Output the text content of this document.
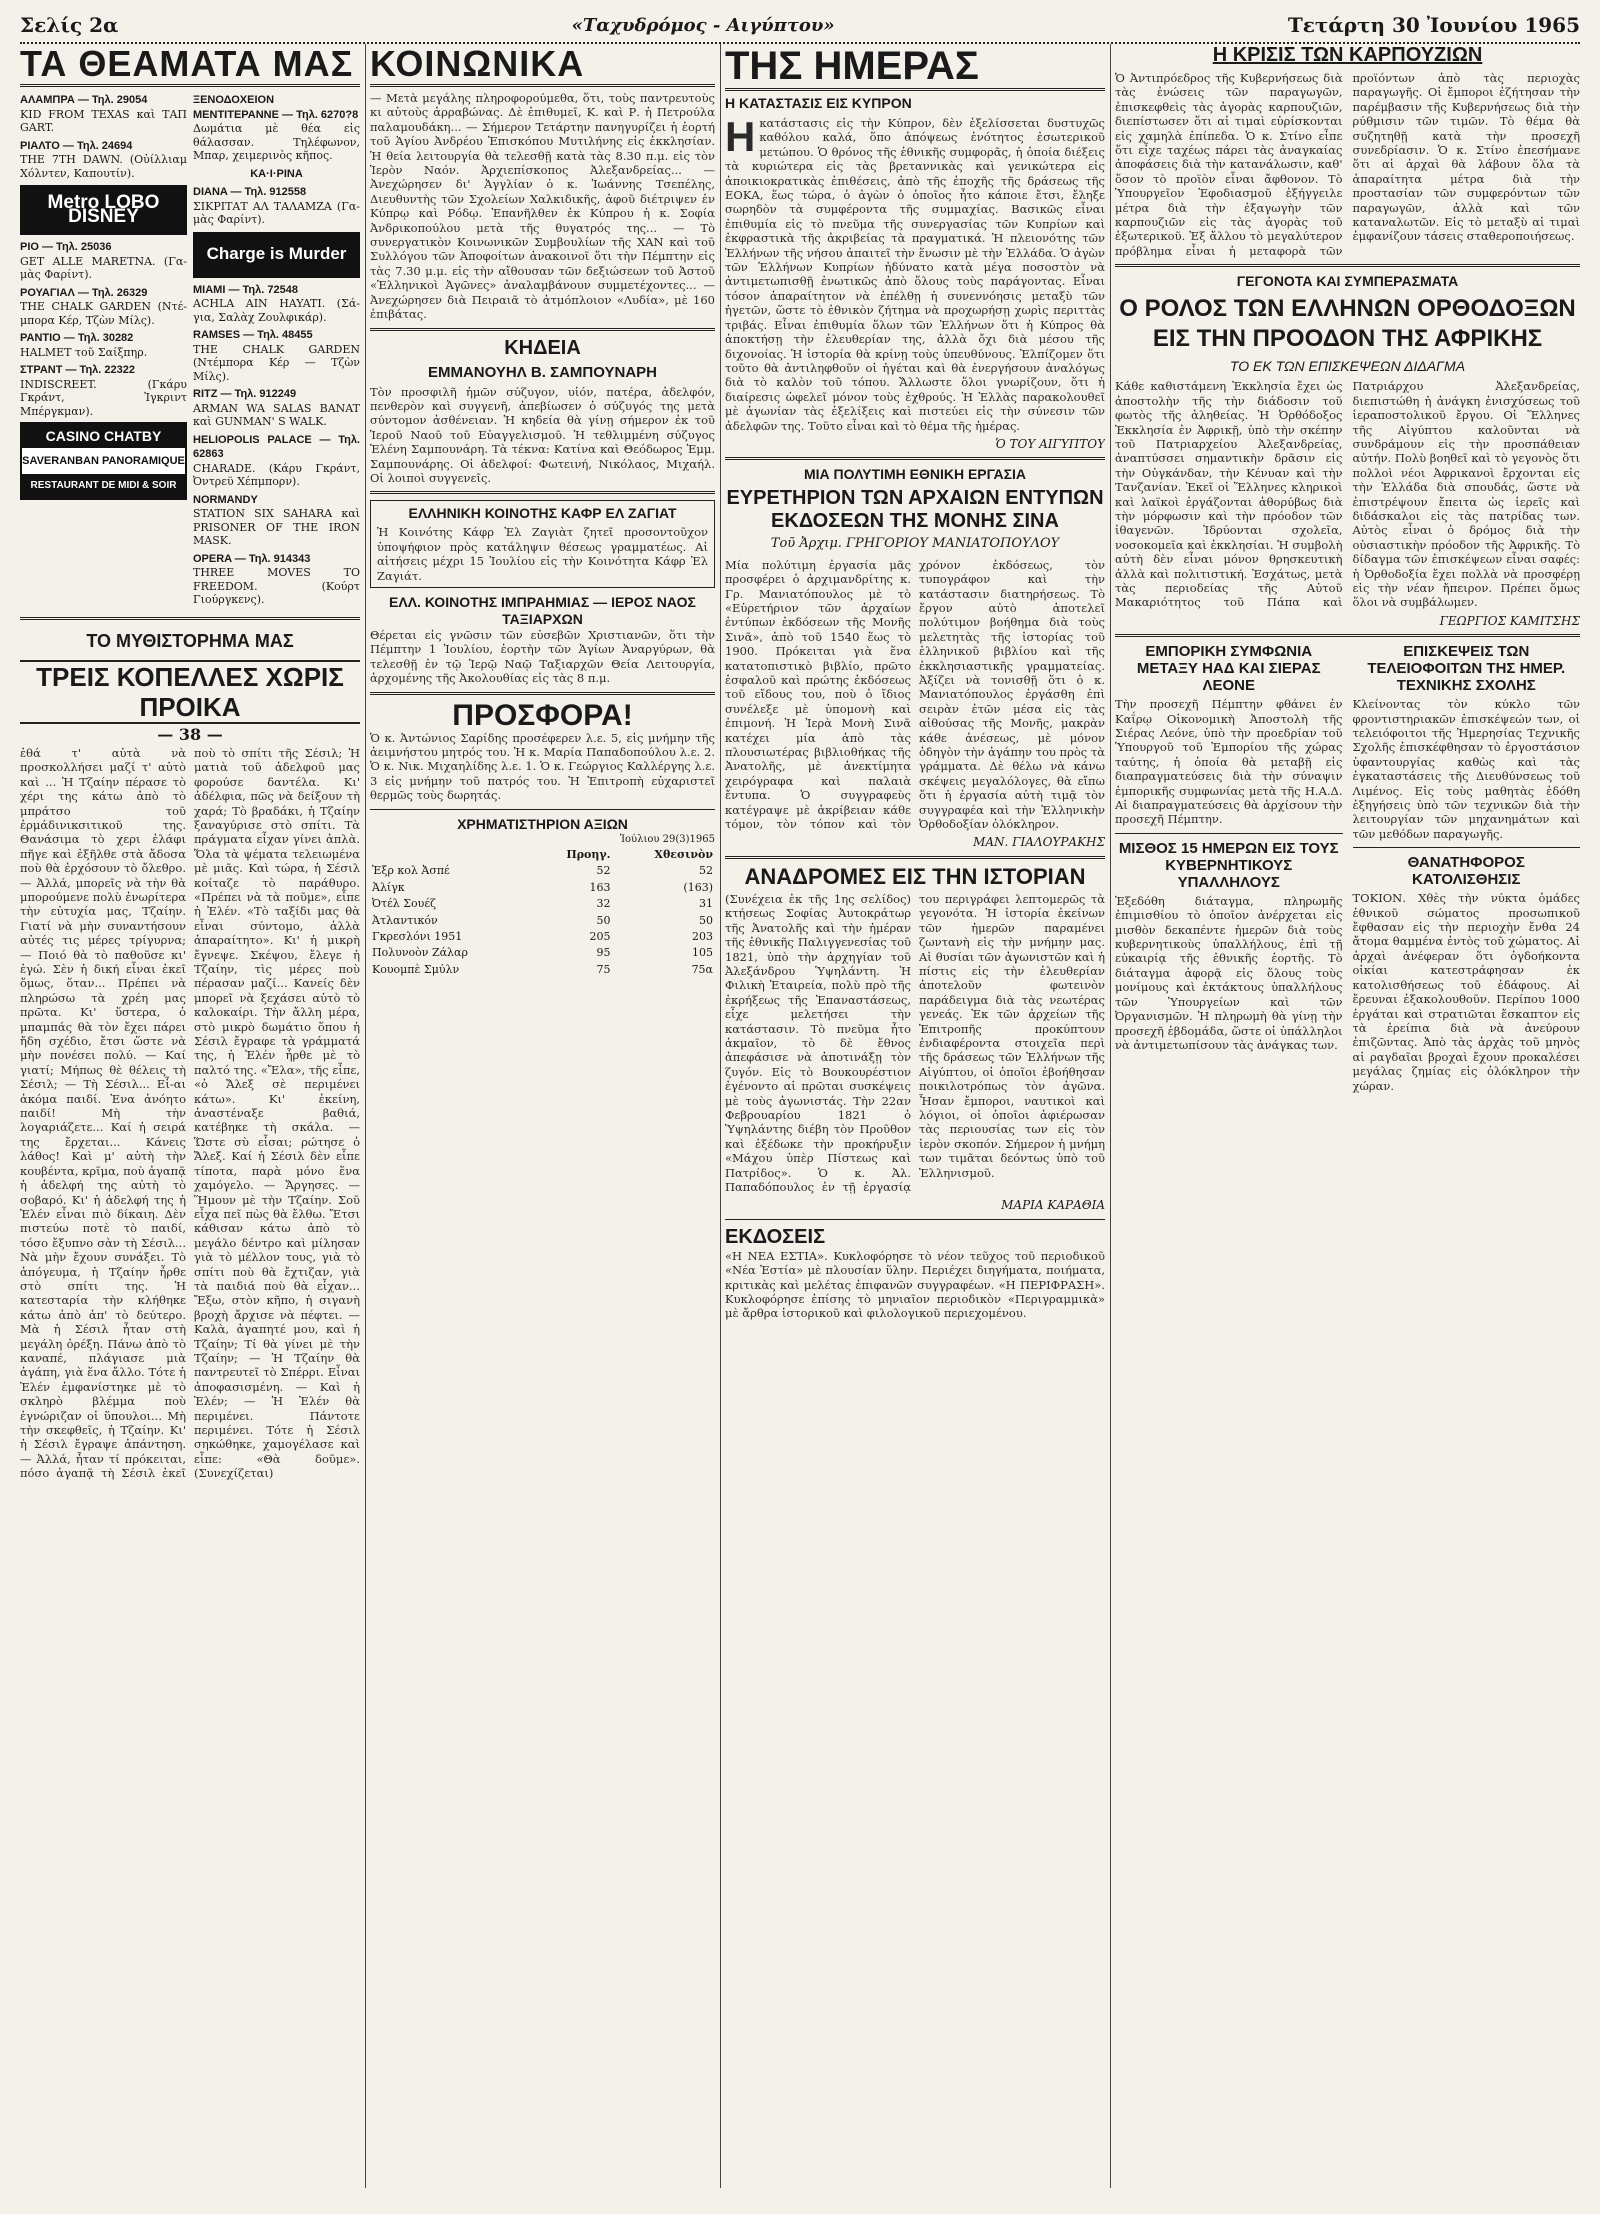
Σελίς 2α	«Ταχυδρόμος - Αιγύπτου»	Τετάρτη 30 Ἰουνίου 1965
ΤΑ ΘΕΑΜΑΤΑ ΜΑΣ
ΑΛΑΜΠΡΑ — Τηλ. 29054
KID FROM TEXAS καὶ ΤΑΠ GART.
ΡΙΑΛΤΟ — Τηλ. 24694
THE 7TH DAWN. (Οὐίλλιαμ Χόλντεν, Καπουτίν).
Metro LOBO DISNEY
ΡΙΟ — Τηλ. 25036
GET ALLE MARETNA. (Γα- μὰς Φαρίντ).
ΡΟΥΑΓΙΑΛ — Τηλ. 26329
THE CHALK GARDEN (Ντέ- μπορα Κέρ, Τζὼν Μίλς).
ΡΑΝΤΙΟ — Τηλ. 30282
HALMET τοῦ Σαίξπηρ.
ΣΤΡΑΝΤ — Τηλ. 22322
INDISCREET. (Γκάρυ Γκράντ, Ἰγκριντ Μπέργκμαν).
CASINO CHATBY
SAVERANBAN PANORAMIQUE
RESTAURANT DE MIDI & SOIR
ΞΕΝΟΔΟΧΕΙΟΝ ΜΕΝΤΙΤΕΡΑΝΝΕ — Τηλ. 6270?8
Δωμάτια μὲ θέα εἰς θάλασσαν. Τηλέφωνον, Μπαρ, χειμερινὸς κῆπος.
ΚΑ·Ι·ΡΙΝΑ
DIANA — Τηλ. 912558
ΣΙΚΡΙΤΑΤ ΑΛ ΤΑΛΑΜΖΑ (Γα- μὰς Φαρίντ).
Charge is Murder
MIAMI — Τηλ. 72548
ACHLA AIN HAYATI. (Σά- για, Σαλὰχ Ζουλφικάρ).
RAMSES — Τηλ. 48455
THE CHALK GARDEN (Ντέμπορα Κέρ — Τζὼν Μίλς).
RITZ — Τηλ. 912249
ARMAN WA SALAS BANAT καὶ GUNMAN' S WALK.
HELIOPOLIS PALACE — Τηλ. 62863
CHARADE. (Κάρυ Γκράντ, Ὀντρεϋ Χέπμπορν).
NORMANDY
STATION SIX SAHARA καὶ PRISONER OF THE IRON MASK.
OPERA — Τηλ. 914343
THREE MOVES TO FREEDOM. (Κούρτ Γιούργκενς).
ΤΟ ΜΥΘΙΣΤΟΡΗΜΑ ΜΑΣ
ΤΡΕΙΣ ΚΟΠΕΛΛΕΣ ΧΩΡΙΣ ΠΡΟΙΚΑ
— 38 —
ἐθά τ' αὐτὰ νὰ προσκολλήσει μαζί τ' αὐτὸ καὶ ... Ἡ Τζαίην πέρασε τὸ χέρι της κάτω ἀπὸ τὸ μπράτσο τοῦ ἐρμάδινικσιτικοῦ της. Θανάσιμα τὸ χερι ἐλάφι πῆγε καὶ ἐξῆλθε στὰ ἄδοσα ποὺ θὰ ἐρχόσουν τὸ ὄλεθρο. — Ἀλλά, μπορεῖς νὰ τὴν θὰ μπορούμενε πολὺ ἐνωρίτερα τὴν εὐτυχία μας, Τζαίην. Γιατί νὰ μὴν συναντήσουν αὐτές τις μέρες τρίγυρνα; — Ποιό θὰ τὸ παθοῦσε κι' ἐγώ. Σὲν ἡ δική εἶναι ἐκεῖ ὅμως, ὅταν... Πρέπει νὰ πληρώσω τὰ χρέη μας πρῶτα. Κι' ὕστερα, ὁ μπαμπάς θὰ τὸν ἔχει πάρει ἤδη σχέδιο, ἔτσι ὥστε νὰ μὴν πονέσει πολύ. — Καί γιατί; Μήπως θὲ θέλεις τὴ Σέσιλ; — Τὴ Σέσιλ... Εἶ-αι ἀκόμα παιδί. Ἐνα ἀνόητο παιδί! Μὴ τὴν λογαριάζετε... Καί ἡ σειρά της ἔρχεται... Κάνεις λάθος! Καὶ μ' αὐτὴ τὴν κουβέντα, κρῖμα, ποὺ ἀγαπᾷ ἡ ἀδελφή της αὐτὴ τὸ σοβαρό. Κι' ἡ ἀδελφή της ἡ Ἐλέν εἶναι πιὸ δίκαιη. Δὲν πιστεύω ποτὲ τὸ παιδί, τόσο ἔξυπνο σὰν τὴ Σέσιλ... Νὰ μὴν ἔχουν συνάξει. Τὸ ἀπόγευμα, ἡ Τζαίην ἦρθε στὸ σπίτι της. Ἡ κατεσταρία τὴν κλήθηκε κάτω ἀπὸ ἀπ' τὸ δεύτερο. Μὰ ἡ Σέσιλ ἦταν στὴ μεγάλη ὀρέξη. Πάνω ἀπὸ τὸ καναπέ, πλάγιασε μιὰ ἀγάπη, γιὰ ἕνα ἄλλο. Τότε ἡ Ἐλέν ἐμφανίστηκε μὲ τὸ σκληρὸ βλέμμα ποὺ ἐγνώριζαν οἱ ὕπουλοι... Μὴ τὴν σκεφθεῖς, ἡ Τζαίην. Κι' ἡ Σέσιλ ἔγραψε ἀπάντηση. — Ἀλλά, ἦταν τί πρόκειται, πόσο ἀγαπᾷ τὴ Σέσιλ ἐκεῖ ποὺ τὸ σπίτι τῆς Σέσιλ; Ἡ ματιὰ τοῦ ἀδελφοῦ μας φορούσε δαντέλα. Κι' ἀδέλφια, πῶς νὰ δείξουν τὴ χαρά; Τὸ βραδάκι, ἡ Τζαίην ξαναγύρισε στὸ σπίτι. Τὰ πράγματα εἶχαν γίνει ἀπλὰ. Ὅλα τὰ ψέματα τελειωμένα μὲ μιᾶς. Καὶ τώρα, ἡ Σέσιλ κοίταζε τὸ παράθυρο. «Πρέπει νὰ τὰ ποῦμε», εἶπε ἡ Ἐλέν. «Τὸ ταξίδι μας θὰ εἶναι σύντομο, ἀλλὰ ἀπαραίτητο». Κι' ἡ μικρὴ ἔγνεψε. Σκέψου, ἔλεγε ἡ Τζαίην, τὶς μέρες ποὺ πέρασαν μαζί... Κανείς δὲν μπορεῖ νὰ ξεχάσει αὐτὸ τὸ καλοκαίρι. Τὴν ἄλλη μέρα, στὸ μικρὸ δωμάτιο ὅπου ἡ Σέσιλ ἔγραφε τὰ γράμματά της, ἡ Ἐλέν ἦρθε μὲ τὸ παλτό της. «Ἔλα», τῆς εἶπε, «ὁ Ἄλεξ σὲ περιμένει κάτω». Κι' ἐκείνη, ἀναστέναξε βαθιά, κατέβηκε τὴ σκάλα. — Ὥστε σὺ εἶσαι; ρώτησε ὁ Ἄλεξ. Καί ἡ Σέσιλ δὲν εἶπε τίποτα, παρὰ μόνο ἕνα χαμόγελο. — Ἄργησες. — Ἥμουν μὲ τὴν Τζαίην. Σοῦ εἶχα πεῖ πὼς θὰ ἔλθω. Ἔτσι κάθισαν κάτω ἀπὸ τὸ μεγάλο δέντρο καὶ μίλησαν γιὰ τὸ μέλλον τους, γιὰ τὸ σπίτι ποὺ θὰ ἔχτιζαν, γιὰ τὰ παιδιά ποὺ θὰ εἶχαν... Ἔξω, στὸν κῆπο, ἡ σιγανὴ βροχὴ ἄρχισε νὰ πέφτει. — Καλὰ, ἀγαπητέ μου, καὶ ἡ Τζαίην; Τί θὰ γίνει μὲ τὴν Τζαίην; — Ἡ Τζαίην θὰ παντρευτεῖ τὸ Σπέρρι. Εἶναι ἀποφασισμένη. — Καὶ ἡ Ἐλέν; — Ἡ Ἐλέν θὰ περιμένει. Πάντοτε περιμένει. Τότε ἡ Σέσιλ σηκώθηκε, χαμογέλασε καὶ εἶπε: «Θὰ δοῦμε». (Συνεχίζεται)
ΚΟΙΝΩΝΙΚΑ
— Μετὰ μεγάλης πληροφορούμεθα, ὅτι, τοὺς παντρευτοὺς κι αὐτοὺς ἀρραβώνας. Δὲ ἐπιθυμεῖ, Κ. καὶ Ρ. ἡ Πετρούλα παλαμουδάκη... — Σήμερον Τετάρτην πανηγυρίζει ἡ ἑορτή τοῦ Ἁγίου Ἀνδρέου Ἐπισκόπου Μυτιλήνης εἰς ἐκκλησίαν. Ἡ θεία λειτουργία θὰ τελεσθῇ κατὰ τὰς 8.30 π.μ. εἰς τὸν Ἱερὸν Ναόν. Ἀρχιεπίσκοπος Ἀλεξανδρείας... — Ἀνεχώρησεν δι' Ἀγγλίαν ὁ κ. Ἰωάννης Τσεπέλης, Διευθυντὴς τῶν Σχολείων Χαλκιδικῆς, ἀφοῦ διέτριψεν ἐν Κύπρῳ καὶ Ρόδῳ. Ἐπανῆλθεν ἐκ Κύπρου ἡ κ. Σοφία Ἀνδρικοπούλου μετὰ τῆς θυγατρός της... — Τὸ συνεργατικὸν Κοινωνικῶν Συμβουλίων τῆς ΧΑΝ καὶ τοῦ Συλλόγου τῶν Ἀποφοίτων ἀνακοινοῖ ὅτι τὴν Πέμπτην εἰς τὰς 7.30 μ.μ. εἰς τὴν αἴθουσαν τῶν δεξιώσεων τοῦ Ἀστοῦ «Ἐλληνικοὶ Ἀγῶνες» ἀναλαμβάνουν συμμετέχοντες... — Ἀνεχώρησεν διὰ Πειραιᾶ τὸ ἀτμόπλοιον «Λυδία», μὲ 160 ἐπιβάτας.
ΚΗΔΕΙΑ
ΕΜΜΑΝΟΥΗΛ Β. ΣΑΜΠΟΥΝΑΡΗ
Τὸν προσφιλῆ ἡμῶν σύζυγον, υἱόν, πατέρα, ἀδελφόν, πενθερὸν καὶ συγγενῆ, ἀπεβίωσεν ὁ σύζυγός της μετὰ σύντομον ἀσθένειαν. Ἡ κηδεία θὰ γίνῃ σήμερον ἐκ τοῦ Ἱεροῦ Ναοῦ τοῦ Εὐαγγελισμοῦ. Ἡ τεθλιμμένη σύζυγος Ἑλένη Σαμπουνάρη. Τὰ τέκνα: Κατίνα καὶ Θεόδωρος Ἐμμ. Σαμπουνάρης. Οἱ ἀδελφοί: Φωτεινή, Νικόλαος, Μιχαήλ. Οἱ λοιποὶ συγγενεῖς.
ΕΛΛΗΝΙΚΗ ΚΟΙΝΟΤΗΣ ΚΑΦΡ ΕΛ ΖΑΓΙΑΤ
Ἡ Κοινότης Κάφρ Ἐλ Ζαγιὰτ ζητεῖ προσοντοῦχον ὑποψήφιον πρὸς κατάληψιν θέσεως γραμματέως. Αἱ αἰτήσεις μέχρι 15 Ἰουλίου εἰς τὴν Κοινότητα Κάφρ Ἐλ Ζαγιάτ.
ΕΛΛ. ΚΟΙΝΟΤΗΣ ΙΜΠΡΑΗΜΙΑΣ — ΙΕΡΟΣ ΝΑΟΣ ΤΑΞΙΑΡΧΩΝ
Θέρεται εἰς γνῶσιν τῶν εὐσεβῶν Χριστιανῶν, ὅτι τὴν Πέμπτην 1 Ἰουλίου, ἑορτὴν τῶν Ἁγίων Ἀναργύρων, θὰ τελεσθῇ ἐν τῷ Ἱερῷ Ναῷ Ταξιαρχῶν Θεία Λειτουργία, ἀρχομένης τῆς Ἀκολουθίας εἰς τὰς 8 π.μ.
ΠΡΟΣΦΟΡΑ!
Ὁ κ. Ἀντώνιος Σαρίδης προσέφερεν λ.ε. 5, εἰς μνήμην τῆς ἀειμνήστου μητρός του. Ἡ κ. Μαρία Παπαδοπούλου λ.ε. 2. Ὁ κ. Νικ. Μιχαηλίδης λ.ε. 1. Ὁ κ. Γεώργιος Καλλέργης λ.ε. 3 εἰς μνήμην τοῦ πατρός του. Ἡ Ἐπιτροπὴ εὐχαριστεῖ θερμῶς τοὺς δωρητάς.
ΧΡΗΜΑΤΙΣΤΗΡΙΟΝ ΑΞΙΩΝ
Ἰούλιου 29(3)1965
	Προηγ.	Χθεσινὸν
Ἐξρ κολ Ἀσπέ	52	52
Ἀλίγκ	163	(163)
Ὀτέλ Σουέζ	32	31
Ἀτλαντικόν	50	50
Γκρεσλόνι 1951	205	203
Πολυνοὸν Ζάλαρ	95	105
Κουομπὲ Σμύλν	75	75α
ΤΗΣ ΗΜΕΡΑΣ
Η ΚΑΤΑΣΤΑΣΙΣ ΕΙΣ ΚΥΠΡΟΝ
Ηκατάστασις εἰς τὴν Κύπρον, δὲν ἐξελίσσεται δυστυχῶς καθόλου καλά, ὅπο ἀπόψεως ἐνότητος ἐσωτερικοῦ μετώπου. Ὁ θρόνος τῆς ἐθνικῆς συμφορᾶς, ἡ ὁποία διέξεις τὰ κυριώτερα εἰς τὰς βρεταννικὰς καὶ γενικώτερα εἰς ἀποικιοκρατικὰς ἐπιθέσεις, ἀπὸ τῆς ἐποχῆς τῆς δράσεως τῆς ΕΟΚΑ, ἕως τώρα, ὁ ἀγὼν ὁ ὁποῖος ἦτο κάποιε ἔτσι, ἔληξε σωρηδὸν τὰ συμφέροντα τῆς συμμαχίας. Βασικῶς εἶναι ἐπιθυμία εἰς τὸ πνεῦμα τῆς συνεργασίας τῶν Κυπρίων καὶ ἐκφραστικὰ τῆς ἀκριβείας τὰ πραγματικά. Ἡ πλειονότης τῶν Ἑλλήνων τῆς νήσου ἀπαιτεῖ τὴν ἕνωσιν μὲ τὴν Ἑλλάδα. Ὁ ἀγὼν τῶν Ἑλλήνων Κυπρίων ἠδύνατο κατὰ μέγα ποσοστὸν νὰ ἀντιμετωπισθῇ ἐνωτικῶς ἀπὸ ὅλους τοὺς παράγοντας. Εἶναι τόσον ἀπαραίτητον νὰ ἐπέλθῃ ἡ συνεννόησις μεταξὺ τῶν ἡγετῶν, ὥστε τὸ ἐθνικὸν ζήτημα νὰ προχωρήσῃ χωρὶς περιττὰς τριβάς. Εἶναι ἐπιθυμία ὅλων τῶν Ἑλλήνων ὅτι ἡ Κύπρος θὰ ἀποκτήσῃ τὴν ἐλευθερίαν της, ἀλλὰ ὄχι διὰ μέσου τῆς διχονοίας. Ἡ ἱστορία θὰ κρίνῃ τοὺς ὑπευθύνους. Ἐλπίζομεν ὅτι τοῦτο θὰ ἀντιληφθοῦν οἱ ἡγέται καὶ θὰ ἐνεργήσουν ἀναλόγως διὰ τὸ καλὸν τοῦ τόπου. Ἄλλωστε ὅλοι γνωρίζουν, ὅτι ἡ διαίρεσις ὠφελεῖ μόνον τοὺς ἐχθρούς. Ἡ Ἑλλὰς παρακολουθεῖ μὲ ἀγωνίαν τὰς ἐξελίξεις καὶ πιστεύει εἰς τὴν σύνεσιν τῶν ἀδελφῶν της. Τοῦτο εἶναι καὶ τὸ θέμα τῆς ἡμέρας.
Ὁ ΤΟΥ ΑΙΓΥΠΤΟΥ
ΜΙΑ ΠΟΛΥΤΙΜΗ ΕΘΝΙΚΗ ΕΡΓΑΣΙΑ
ΕΥΡΕΤΗΡΙΟΝ ΤΩΝ ΑΡΧΑΙΩΝ ΕΝΤΥΠΩΝ ΕΚΔΟΣΕΩΝ ΤΗΣ ΜΟΝΗΣ ΣΙΝΑ
Τοῦ Ἀρχιμ. ΓΡΗΓΟΡΙΟΥ ΜΑΝΙΑΤΟΠΟΥΛΟΥ
Μία πολύτιμη ἐργασία μᾶς προσφέρει ὁ ἀρχιμανδρίτης κ. Γρ. Μανιατόπουλος μὲ τὸ «Εὑρετήριον τῶν ἀρχαίων ἐντύπων ἐκδόσεων τῆς Μονῆς Σινᾶ», ἀπὸ τοῦ 1540 ἕως τὸ 1900. Πρόκειται γιὰ ἕνα κατατοπιστικὸ βιβλίο, πρῶτο ἑσφαλοῦ καὶ πρώτης ἐκδόσεως τοῦ εἴδους του, ποὺ ὁ ἴδιος συνέλεξε μὲ ὑπομονὴ καὶ ἐπιμονή. Ἡ Ἱερὰ Μονὴ Σινᾶ κατέχει μία ἀπὸ τὰς πλουσιωτέρας βιβλιοθήκας τῆς Ἀνατολῆς, μὲ ἀνεκτίμητα χειρόγραφα καὶ παλαιὰ ἔντυπα. Ὁ συγγραφεὺς κατέγραψε μὲ ἀκρίβειαν κάθε τόμον, τὸν τόπον καὶ τὸν χρόνον ἐκδόσεως, τὸν τυπογράφον καὶ τὴν κατάστασιν διατηρήσεως. Τὸ ἔργον αὐτὸ ἀποτελεῖ πολύτιμον βοήθημα διὰ τοὺς μελετητὰς τῆς ἱστορίας τοῦ ἑλληνικοῦ βιβλίου καὶ τῆς ἐκκλησιαστικῆς γραμματείας. Ἀξίζει νὰ τονισθῇ ὅτι ὁ κ. Μανιατόπουλος ἐργάσθη ἐπὶ σειρὰν ἐτῶν μέσα εἰς τὰς αἰθούσας τῆς Μονῆς, μακρὰν κάθε ἀνέσεως, μὲ μόνον ὁδηγὸν τὴν ἀγάπην του πρὸς τὰ γράμματα. Δὲ θέλω νὰ κάνω σκέψεις μεγαλόλογες, θὰ εἴπω ὅτι ἡ ἐργασία αὐτὴ τιμᾷ τὸν συγγραφέα καὶ τὴν Ἑλληνικὴν Ὀρθοδοξίαν ὁλόκληρον.
ΜΑΝ. ΓΙΑΛΟΥΡΑΚΗΣ
ΑΝΑΔΡΟΜΕΣ ΕΙΣ ΤΗΝ ΙΣΤΟΡΙΑΝ
(Συνέχεια ἐκ τῆς 1ης σελίδος) κτήσεως Σοφίας Ἀυτοκράτωρ τῆς Ἀνατολῆς καὶ τὴν ἡμέραν τῆς ἐθνικῆς Παλιγγενεσίας τοῦ 1821, ὑπὸ τὴν ἀρχηγίαν τοῦ Ἀλεξάνδρου Ὑψηλάντη. Ἡ Φιλικὴ Ἑταιρεία, πολὺ πρὸ τῆς ἐκρήξεως τῆς Ἐπαναστάσεως, εἶχε μελετήσει τὴν κατάστασιν. Τὸ πνεῦμα ἦτο ἀκμαῖον, τὸ δὲ ἔθνος ἀπεφάσισε νὰ ἀποτινάξῃ τὸν ζυγόν. Εἰς τὸ Βουκουρέστιον ἐγένοντο αἱ πρῶται συσκέψεις μὲ τοὺς ἀγωνιστάς. Τὴν 22αν Φεβρουαρίου 1821 ὁ Ὑψηλάντης διέβη τὸν Προῦθον καὶ ἐξέδωκε τὴν προκήρυξιν «Μάχου ὑπὲρ Πίστεως καὶ Πατρίδος». Ὁ κ. Ἀλ. Παπαδόπουλος ἐν τῇ ἐργασίᾳ του περιγράφει λεπτομερῶς τὰ γεγονότα. Ἡ ἱστορία ἐκείνων τῶν ἡμερῶν παραμένει ζωντανὴ εἰς τὴν μνήμην μας. Αἱ θυσίαι τῶν ἀγωνιστῶν καὶ ἡ πίστις εἰς τὴν ἐλευθερίαν ἀποτελοῦν φωτεινὸν παράδειγμα διὰ τὰς νεωτέρας γενεάς. Ἐκ τῶν ἀρχείων τῆς Ἐπιτροπῆς προκύπτουν ἐνδιαφέροντα στοιχεῖα περὶ τῆς δράσεως τῶν Ἑλλήνων τῆς Αἰγύπτου, οἱ ὁποῖοι ἐβοήθησαν ποικιλοτρόπως τὸν ἀγῶνα. Ἦσαν ἔμποροι, ναυτικοὶ καὶ λόγιοι, οἱ ὁποῖοι ἀφιέρωσαν τὰς περιουσίας των εἰς τὸν ἱερὸν σκοπόν. Σήμερον ἡ μνήμη των τιμᾶται δεόντως ὑπὸ τοῦ Ἑλληνισμοῦ.
ΜΑΡΙΑ ΚΑΡΑΘΙΑ
ΕΚΔΟΣΕΙΣ
«Η ΝΕΑ ΕΣΤΙΑ». Κυκλοφόρησε τὸ νέον τεῦχος τοῦ περιοδικοῦ «Νέα Ἑστία» μὲ πλουσίαν ὕλην. Περιέχει διηγήματα, ποιήματα, κριτικὰς καὶ μελέτας ἐπιφανῶν συγγραφέων. «Η ΠΕΡΙΦΡΑΣΗ». Κυκλοφόρησε ἐπίσης τὸ μηνιαῖον περιοδικὸν «Περιγραμμικὰ» μὲ ἄρθρα ἱστορικοῦ καὶ φιλολογικοῦ περιεχομένου.
Η ΚΡΙΣΙΣ ΤΩΝ ΚΑΡΠΟΥΖΙΩΝ
Ὁ Ἀντιπρόεδρος τῆς Κυβερνήσεως διὰ τὰς ἐνώσεις τῶν παραγωγῶν, ἐπισκεφθεὶς τὰς ἀγορὰς καρπουζιῶν, διεπίστωσεν ὅτι αἱ τιμαὶ εὑρίσκονται εἰς χαμηλὰ ἐπίπεδα. Ὁ κ. Στίνο εἶπε ὅτι εἶχε ταχέως πάρει τὰς ἀναγκαίας ἀποφάσεις διὰ τὴν κατανάλωσιν, καθ' ὅσον τὸ προϊὸν εἶναι ἄφθονον. Τὸ Ὑπουργεῖον Ἐφοδιασμοῦ ἐξήγγειλε μέτρα διὰ τὴν ἐξαγωγὴν τῶν καρπουζιῶν εἰς τὰς ἀγορὰς τοῦ ἐξωτερικοῦ. Ἐξ ἄλλου τὸ μεγαλύτερον πρόβλημα εἶναι ἡ μεταφορὰ τῶν προϊόντων ἀπὸ τὰς περιοχὰς παραγωγῆς. Οἱ ἔμποροι ἐζήτησαν τὴν παρέμβασιν τῆς Κυβερνήσεως διὰ τὴν ρύθμισιν τῶν τιμῶν. Τὸ θέμα θὰ συζητηθῇ κατὰ τὴν προσεχῆ συνεδρίασιν. Ὁ κ. Στίνο ἐπεσήμανε ὅτι αἱ ἀρχαὶ θὰ λάβουν ὅλα τὰ ἀπαραίτητα μέτρα διὰ τὴν προστασίαν τῶν συμφερόντων τῶν παραγωγῶν, ἀλλὰ καὶ τῶν καταναλωτῶν. Εἰς τὸ μεταξὺ αἱ τιμαὶ ἐμφανίζουν τάσεις σταθεροποιήσεως.
ΓΕΓΟΝΟΤΑ ΚΑΙ ΣΥΜΠΕΡΑΣΜΑΤΑ
Ο ΡΟΛΟΣ ΤΩΝ ΕΛΛΗΝΩΝ ΟΡΘΟΔΟΞΩΝ ΕΙΣ ΤΗΝ ΠΡΟΟΔΟΝ ΤΗΣ ΑΦΡΙΚΗΣ
ΤΟ ΕΚ ΤΩΝ ΕΠΙΣΚΕΨΕΩΝ ΔΙΔΑΓΜΑ
Κάθε καθιστάμενη Ἐκκλησία ἔχει ὡς ἀποστολὴν τῆς τὴν διάδοσιν τοῦ φωτὸς τῆς ἀληθείας. Ἡ Ὀρθόδοξος Ἐκκλησία ἐν Ἀφρικῇ, ὑπὸ τὴν σκέπην τοῦ Πατριαρχείου Ἀλεξανδρείας, ἀναπτύσσει σημαντικὴν δρᾶσιν εἰς τὴν Οὐγκάνδαν, τὴν Κένυαν καὶ τὴν Τανζανίαν. Ἐκεῖ οἱ Ἕλληνες κληρικοὶ καὶ λαϊκοὶ ἐργάζονται ἀθορύβως διὰ τὴν μόρφωσιν καὶ τὴν πρόοδον τῶν ἰθαγενῶν. Ἱδρύονται σχολεῖα, νοσοκομεῖα καὶ ἐκκλησίαι. Ἡ συμβολὴ αὐτὴ δὲν εἶναι μόνον θρησκευτικὴ ἀλλὰ καὶ πολιτιστική. Ἐσχάτως, μετὰ τὰς περιοδείας τῆς Αὐτοῦ Μακαριότητος τοῦ Πάπα καὶ Πατριάρχου Ἀλεξανδρείας, διεπιστώθη ἡ ἀνάγκη ἐνισχύσεως τοῦ ἱεραποστολικοῦ ἔργου. Οἱ Ἕλληνες τῆς Αἰγύπτου καλοῦνται νὰ συνδράμουν εἰς τὴν προσπάθειαν αὐτήν. Πολὺ βοηθεῖ καὶ τὸ γεγονὸς ὅτι πολλοὶ νέοι Ἀφρικανοὶ ἔρχονται εἰς τὴν Ἑλλάδα διὰ σπουδάς, ὥστε νὰ ἐπιστρέψουν ἔπειτα ὡς ἱερεῖς καὶ διδάσκαλοι εἰς τὰς πατρίδας των. Αὐτὸς εἶναι ὁ δρόμος διὰ τὴν οὐσιαστικὴν πρόοδον τῆς Ἀφρικῆς. Τὸ δίδαγμα τῶν ἐπισκέψεων εἶναι σαφές: ἡ Ὀρθοδοξία ἔχει πολλὰ νὰ προσφέρῃ εἰς τὴν νέαν ἤπειρον. Πρέπει ὅμως ὅλοι νὰ συμβάλωμεν.
ΓΕΩΡΓΙΟΣ ΚΑΜΙΤΣΗΣ
ΕΜΠΟΡΙΚΗ ΣΥΜΦΩΝΙΑ ΜΕΤΑΞΥ ΗΑΔ ΚΑΙ ΣΙΕΡΑΣ ΛΕΟΝΕ
Τὴν προσεχῆ Πέμπτην φθάνει ἐν Καΐρῳ Οἰκονομικὴ Ἀποστολὴ τῆς Σιέρας Λεόνε, ὑπὸ τὴν προεδρίαν τοῦ Ὑπουργοῦ τοῦ Ἐμπορίου τῆς χώρας ταύτης, ἡ ὁποία θὰ μεταβῇ εἰς διαπραγματεύσεις διὰ τὴν σύναψιν ἐμπορικῆς συμφωνίας μετὰ τῆς Η.Α.Δ. Αἱ διαπραγματεύσεις θὰ ἀρχίσουν τὴν προσεχῆ Πέμπτην.
ΜΙΣΘΟΣ 15 ΗΜΕΡΩΝ ΕΙΣ ΤΟΥΣ ΚΥΒΕΡΝΗΤΙΚΟΥΣ ΥΠΑΛΛΗΛΟΥΣ
Ἐξεδόθη διάταγμα, πληρωμῆς ἐπιμισθίου τὸ ὁποῖον ἀνέρχεται εἰς μισθὸν δεκαπέντε ἡμερῶν διὰ τοὺς κυβερνητικοὺς ὑπαλλήλους, ἐπὶ τῇ εὐκαιρίᾳ τῆς ἐθνικῆς ἑορτῆς. Τὸ διάταγμα ἀφορᾷ εἰς ὅλους τοὺς μονίμους καὶ ἐκτάκτους ὑπαλλήλους τῶν Ὑπουργείων καὶ τῶν Ὀργανισμῶν. Ἡ πληρωμὴ θὰ γίνῃ τὴν προσεχῆ ἑβδομάδα, ὥστε οἱ ὑπάλληλοι νὰ ἀντιμετωπίσουν τὰς ἀνάγκας των.
ΕΠΙΣΚΕΨΕΙΣ ΤΩΝ ΤΕΛΕΙΟΦΟΙΤΩΝ ΤΗΣ ΗΜΕΡ. ΤΕΧΝΙΚΗΣ ΣΧΟΛΗΣ
Κλείνοντας τὸν κύκλο τῶν φροντιστηριακῶν ἐπισκέψεών των, οἱ τελειόφοιτοι τῆς Ἡμερησίας Τεχνικῆς Σχολῆς ἐπισκέφθησαν τὸ ἐργοστάσιον ὑφαντουργίας καθὼς καὶ τὰς ἐγκαταστάσεις τῆς Διευθύνσεως τοῦ Λιμένος. Εἰς τοὺς μαθητὰς ἐδόθη ἐξηγήσεις ὑπὸ τῶν τεχνικῶν διὰ τὴν λειτουργίαν τῶν μηχανημάτων καὶ τῶν μεθόδων παραγωγῆς.
ΘΑΝΑΤΗΦΟΡΟΣ ΚΑΤΟΛΙΣΘΗΣΙΣ
ΤΟΚΙΟΝ. Χθὲς τὴν νύκτα ὀμάδες ἐθνικοῦ σώματος προσωπικοῦ ἔφθασαν εἰς τὴν περιοχὴν ἔνθα 24 ἄτομα θαμμένα ἐντὸς τοῦ χώματος. Αἱ ἀρχαὶ ἀνέφεραν ὅτι ὀγδοήκοντα οἰκίαι κατεστράφησαν ἐκ κατολισθήσεως τοῦ ἐδάφους. Αἱ ἔρευναι ἐξακολουθοῦν. Περίπου 1000 ἐργάται καὶ στρατιῶται ἔσκαπτον εἰς τὰ ἐρείπια διὰ νὰ ἀνεύρουν ἐπιζῶντας. Ἀπὸ τὰς ἀρχὰς τοῦ μηνὸς αἱ ραγδαῖαι βροχαὶ ἔχουν προκαλέσει μεγάλας ζημίας εἰς ὁλόκληρον τὴν χώραν.
